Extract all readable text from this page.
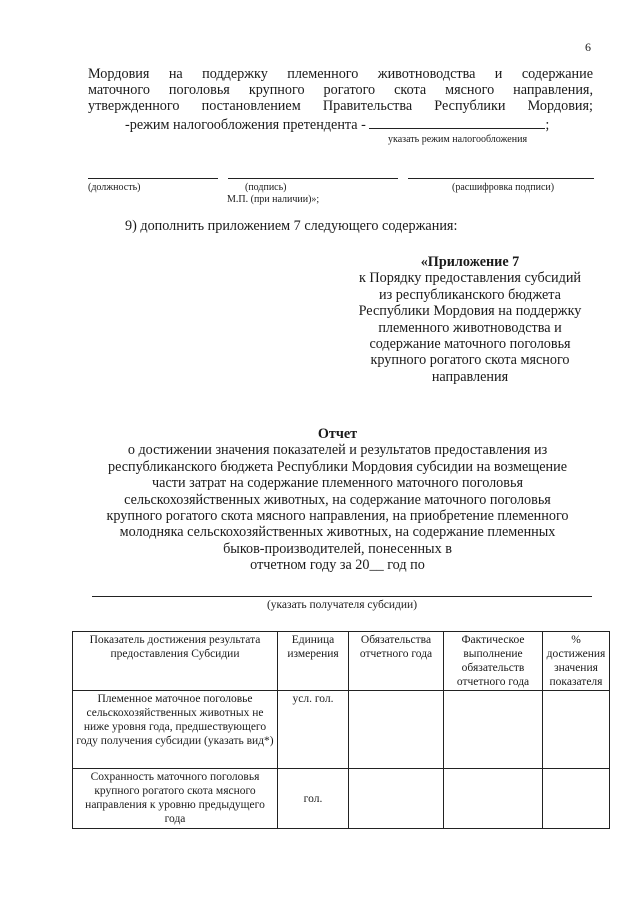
6
Мордовия на поддержку племенного животноводства и содержание
маточного поголовья крупного рогатого скота мясного направления,
утвержденного постановлением Правительства Республики Мордовия;
-режим налогообложения претендента -	;
указать режим налогообложения
(должность)	(подпись)	(расшифровка подписи)
М.П. (при наличии)»;
9) дополнить приложением 7 следующего содержания:
«Приложение 7
к Порядку предоставления субсидий
из республиканского бюджета
Республики Мордовия на поддержку
племенного животноводства и
содержание маточного поголовья
крупного рогатого скота мясного
направления
Отчет
о достижении значения показателей и результатов предоставления из
республиканского бюджета Республики Мордовия субсидии на возмещение
части затрат на содержание племенного маточного поголовья
сельскохозяйственных животных, на содержание маточного поголовья
крупного рогатого скота мясного направления, на приобретение племенного
молодняка сельскохозяйственных животных, на содержание племенных
быков-производителей, понесенных в
отчетном году за 20__ год по
(указать получателя субсидии)
Показатель достижения результата предоставления Субсидии	Единица измерения	Обязательства отчетного года	Фактическое выполнение обязательств отчетного года	% достижения значения показателя
Племенное маточное поголовье сельскохозяйственных животных не ниже уровня года, предшествующего году получения субсидии (указать вид*)	усл. гол.			
Сохранность маточного поголовья крупного рогатого скота мясного направления к уровню предыдущего года	гол.			
